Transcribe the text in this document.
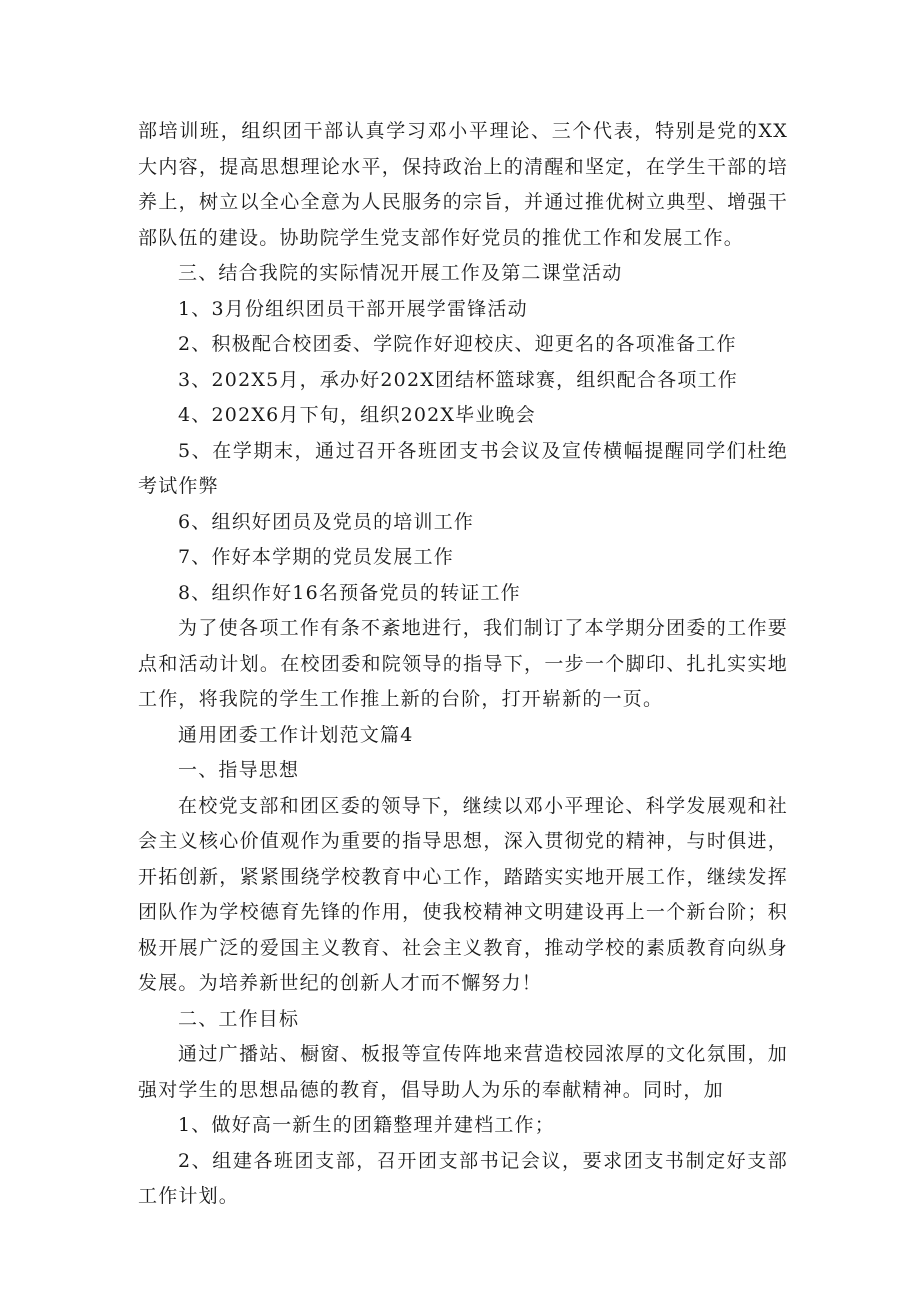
部培训班，组织团干部认真学习邓小平理论、三个代表，特别是党的XX大内容，提高思想理论水平，保持政治上的清醒和坚定，在学生干部的培养上，树立以全心全意为人民服务的宗旨，并通过推优树立典型、增强干部队伍的建设。协助院学生党支部作好党员的推优工作和发展工作。

三、结合我院的实际情况开展工作及第二课堂活动

1、3月份组织团员干部开展学雷锋活动

2、积极配合校团委、学院作好迎校庆、迎更名的各项准备工作

3、202X5月，承办好202X团结杯篮球赛，组织配合各项工作

4、202X6月下旬，组织202X毕业晚会

5、在学期末，通过召开各班团支书会议及宣传横幅提醒同学们杜绝考试作弊

6、组织好团员及党员的培训工作

7、作好本学期的党员发展工作

8、组织作好16名预备党员的转证工作

为了使各项工作有条不紊地进行，我们制订了本学期分团委的工作要点和活动计划。在校团委和院领导的指导下，一步一个脚印、扎扎实实地工作，将我院的学生工作推上新的台阶，打开崭新的一页。

通用团委工作计划范文篇4

一、指导思想

在校党支部和团区委的领导下，继续以邓小平理论、科学发展观和社会主义核心价值观作为重要的指导思想，深入贯彻党的精神，与时俱进，开拓创新，紧紧围绕学校教育中心工作，踏踏实实地开展工作，继续发挥团队作为学校德育先锋的作用，使我校精神文明建设再上一个新台阶；积极开展广泛的爱国主义教育、社会主义教育，推动学校的素质教育向纵身发展。为培养新世纪的创新人才而不懈努力！

二、工作目标

通过广播站、橱窗、板报等宣传阵地来营造校园浓厚的文化氛围，加强对学生的思想品德的教育，倡导助人为乐的奉献精神。同时，加

1、做好高一新生的团籍整理并建档工作；

2、组建各班团支部，召开团支部书记会议，要求团支书制定好支部工作计划。
